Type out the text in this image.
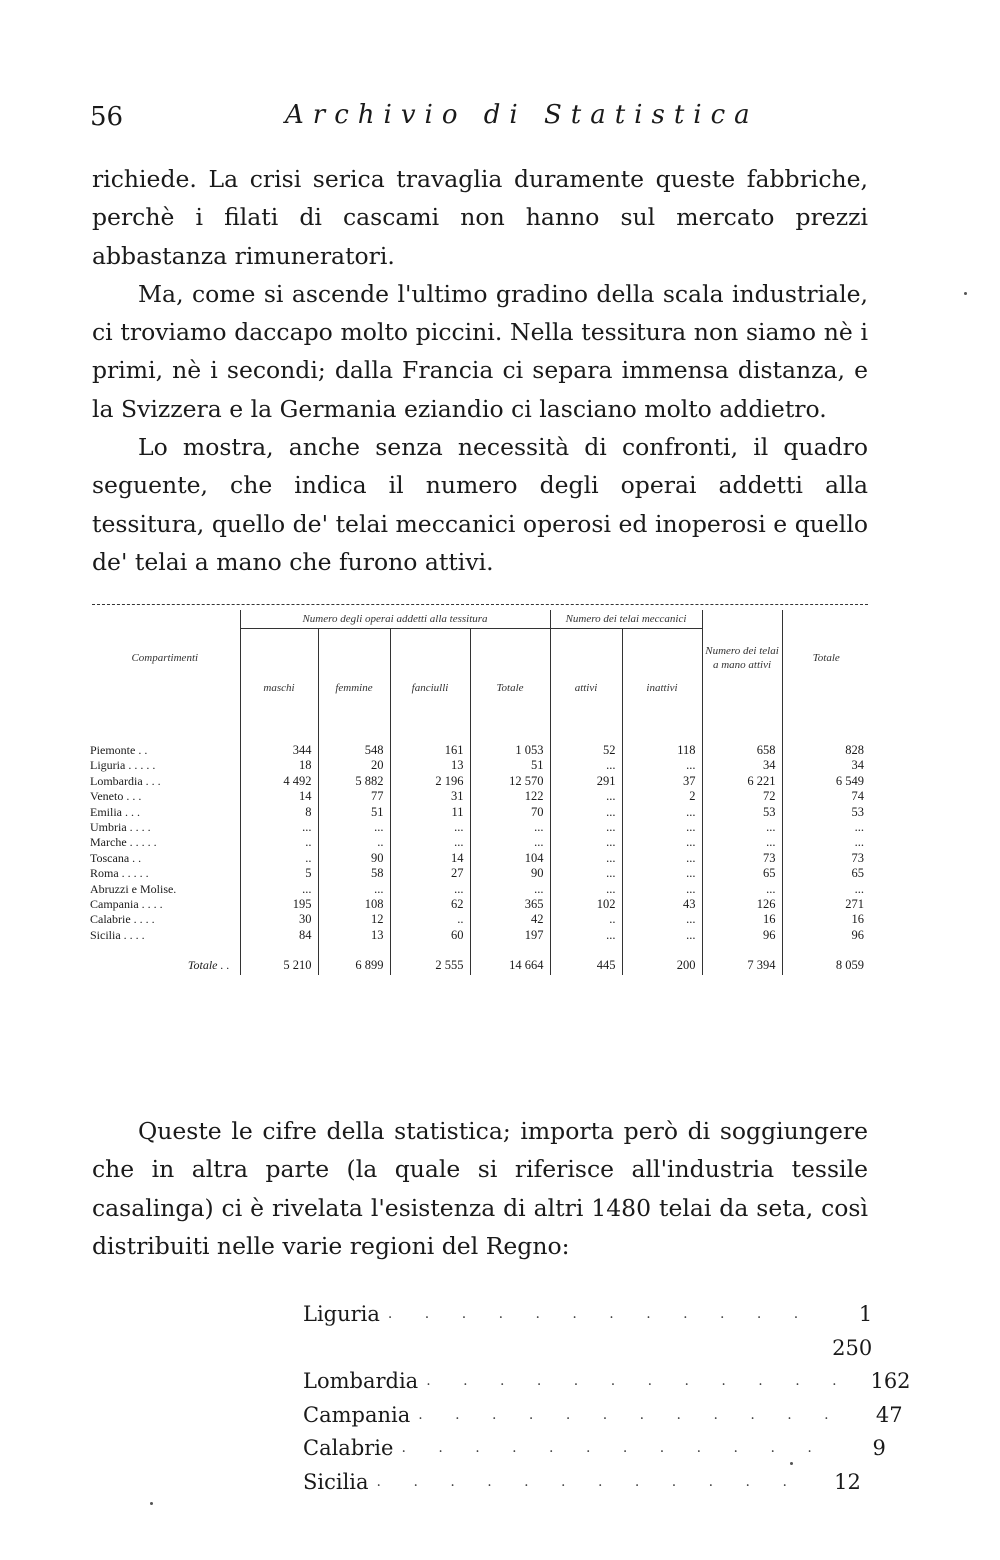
56	Archivio di Statistica

richiede. La crisi serica travaglia duramente queste fabbriche, perchè i filati di cascami non hanno sul mercato prezzi abbastanza rimuneratori.

Ma, come si ascende l'ultimo gradino della scala industriale, ci troviamo daccapo molto piccini. Nella tessitura non siamo nè i primi, nè i secondi; dalla Francia ci separa immensa distanza, e la Svizzera e la Germania eziandio ci lasciano molto addietro.

Lo mostra, anche senza necessità di confronti, il quadro seguente, che indica il numero degli operai addetti alla tessitura, quello de' telai meccanici operosi ed inoperosi e quello de' telai a mano che furono attivi.

Compartimenti	Numero degli operai addetti alla tessitura				Numero dei telai meccanici		Numero dei telai a mano attivi	Totale
	maschi	femmine	fanciulli	Totale	attivi	inattivi		

Piemonte . .	344	548	161	1 053	52	118	658	828
Liguria . . . . .	18	20	13	51	...	...	34	34
Lombardia . . .	4 492	5 882	2 196	12 570	291	37	6 221	6 549
Veneto . . .	14	77	31	122	...	2	72	74
Emilia . . .	8	51	11	70	...	...	53	53
Umbria . . . .	...	...	...	...	...	...	...	...
Marche . . . . .	..	..	...	...	...	...	...	...
Toscana . .	..	90	14	104	...	...	73	73
Roma . . . . .	5	58	27	90	...	...	65	65
Abruzzi e Molise.	...	...	...	...	...	...	...	...
Campania . . . .	195	108	62	365	102	43	126	271
Calabrie . . . .	30	12	..	42	..	...	16	16
Sicilia . . . .	84	13	60	197	...	...	96	96
Totale . .	5 210	6 899	2 555	14 664	445	200	7 394	8 059

Queste le cifre della statistica; importa però di soggiungere che in altra parte (la quale si riferisce all'industria tessile casalinga) ci è rivelata l'esistenza di altri 1480 telai da seta, così distribuiti nelle varie regioni del Regno:

Liguria . . . . . . . . . . . .	1 250
Lombardia . . . . . . . . . . . . 162
Campania . . . . . . . . . . . .	47
Calabrie . . . . . . . . . . . .	9
Sicilia . . . . . . . . . . . .	12
